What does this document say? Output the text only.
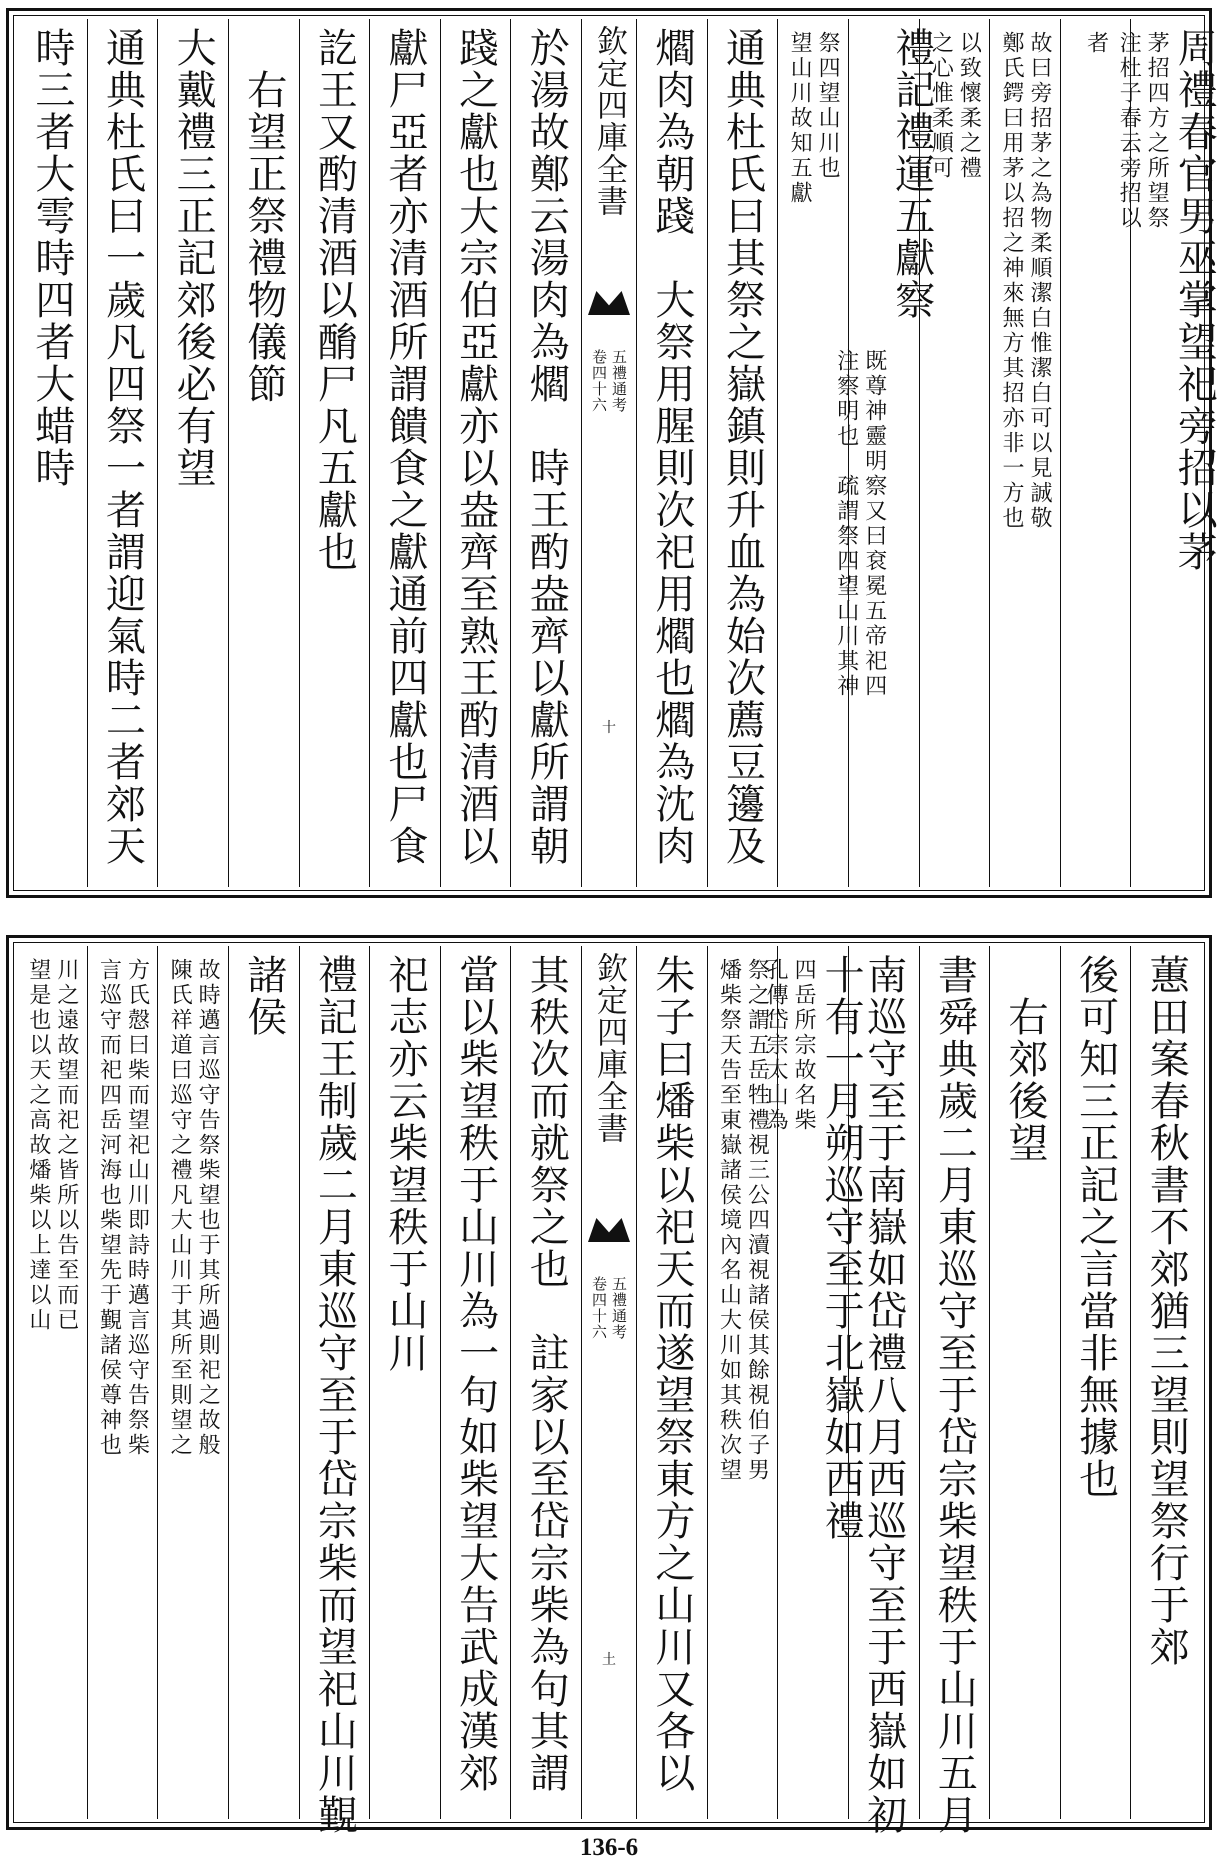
周禮春官男巫掌望祀旁招以茅
茅招四方之所望祭
注杜子春云旁招以
者
故曰旁招茅之為物柔順潔白惟潔白可以見誠敬
鄭氏鍔曰用茅以招之神來無方其招亦非一方也
以致懷柔之禮
之心惟柔順可
禮記禮運五獻察
既尊神靈明察又曰袞冕五帝祀四
注察明也　疏謂祭四望山川其神
祭四望山川也
望山川故知五獻
通典杜氏曰其祭之嶽鎮則升血為始次薦豆籩及
爓肉為朝踐　大祭用腥則次祀用爓也爓為沈肉
欽定四庫全書
五禮通考
卷四十六
十
於湯故鄭云湯肉為爓　時王酌盎齊以獻所謂朝
踐之獻也大宗伯亞獻亦以盎齊至熟王酌清酒以
獻尸亞者亦清酒所謂饋食之獻通前四獻也尸食
訖王又酌清酒以酳尸凡五獻也
右望正祭禮物儀節
大戴禮三正記郊後必有望
通典杜氏曰一歲凡四祭一者謂迎氣時二者郊天
時三者大雩時四者大蜡時
蕙田案春秋書不郊猶三望則望祭行于郊
後可知三正記之言當非無據也
右郊後望
書舜典歲二月東巡守至于岱宗柴望秩于山川五月
南巡守至于南嶽如岱禮八月西巡守至于西嶽如初
十有一月朔巡守至于北嶽如西禮
四岳所宗故名柴
孔傳岱宗太山為
祭之謂五岳牲禮視三公四瀆視諸侯其餘視伯子男
燔柴祭天告至東嶽諸侯境內名山大川如其秩次望
朱子曰燔柴以祀天而遂望祭東方之山川又各以
欽定四庫全書
五禮通考
卷四十六
土
其秩次而就祭之也　註家以至岱宗柴為句其謂
當以柴望秩于山川為一句如柴望大告武成漢郊
祀志亦云柴望秩于山川
禮記王制歲二月東巡守至于岱宗柴而望祀山川覲
諸侯
故時邁言巡守告祭柴望也于其所過則祀之故般
陳氏祥道曰巡守之禮凡大山川于其所至則望之
方氏慤曰柴而望祀山川即詩時邁言巡守告祭柴
言巡守而祀四岳河海也柴望先于覲諸侯尊神也
川之遠故望而祀之皆所以告至而已
望是也以天之高故燔柴以上達以山
136-6
